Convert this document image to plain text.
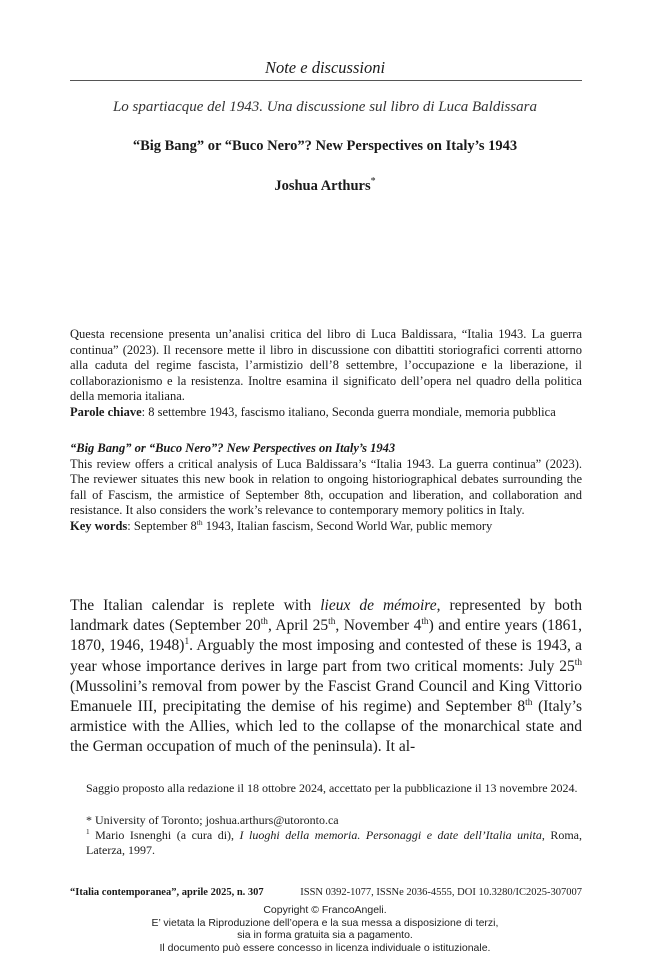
Note e discussioni
Lo spartiacque del 1943. Una discussione sul libro di Luca Baldissara
“Big Bang” or “Buco Nero”? New Perspectives on Italy’s 1943
Joshua Arthurs*

Questa recensione presenta un’analisi critica del libro di Luca Baldissara, “Italia 1943. La guerra continua” (2023). Il recensore mette il libro in discussione con dibattiti storiografici correnti attorno alla caduta del regime fascista, l’armistizio dell’8 settembre, l’occupazione e la liberazione, il collaborazionismo e la resistenza. Inoltre esamina il significato dell’opera nel quadro della politica della memoria italiana.

Parole chiave: 8 settembre 1943, fascismo italiano, Seconda guerra mondiale, memoria pubblica

“Big Bang” or “Buco Nero”? New Perspectives on Italy’s 1943

This review offers a critical analysis of Luca Baldissara’s “Italia 1943. La guerra continua” (2023). The reviewer situates this new book in relation to ongoing historiographical debates surrounding the fall of Fascism, the armistice of September 8th, occupation and liberation, and collaboration and resistance. It also considers the work’s relevance to contemporary memory politics in Italy.

Key words: September 8th 1943, Italian fascism, Second World War, public memory

The Italian calendar is replete with lieux de mémoire, represented by both landmark dates (September 20th, April 25th, November 4th) and entire years (1861, 1870, 1946, 1948)$^1$. Arguably the most imposing and contested of these is 1943, a year whose importance derives in large part from two critical moments: July 25th (Mussolini’s removal from power by the Fascist Grand Council and King Vittorio Emanuele III, precipitating the demise of his regime) and September 8th (Italy’s armistice with the Allies, which led to the collapse of the monarchical state and the German occupation of much of the peninsula). It al-

Saggio proposto alla redazione il 18 ottobre 2024, accettato per la pubblicazione il 13 novembre 2024.
* University of Toronto; joshua.arthurs@utoronto.ca
$^1$ Mario Isnenghi (a cura di), I luoghi della memoria. Personaggi e date dell’Italia unita, Roma, Laterza, 1997.
“Italia contemporanea”, aprile 2025, n. 307	ISSN 0392-1077, ISSNe 2036-4555, DOI 10.3280/IC2025-307007
Copyright © FrancoAngeli.
E’ vietata la Riproduzione dell’opera e la sua messa a disposizione di terzi,
sia in forma gratuita sia a pagamento.
Il documento può essere concesso in licenza individuale o istituzionale.
